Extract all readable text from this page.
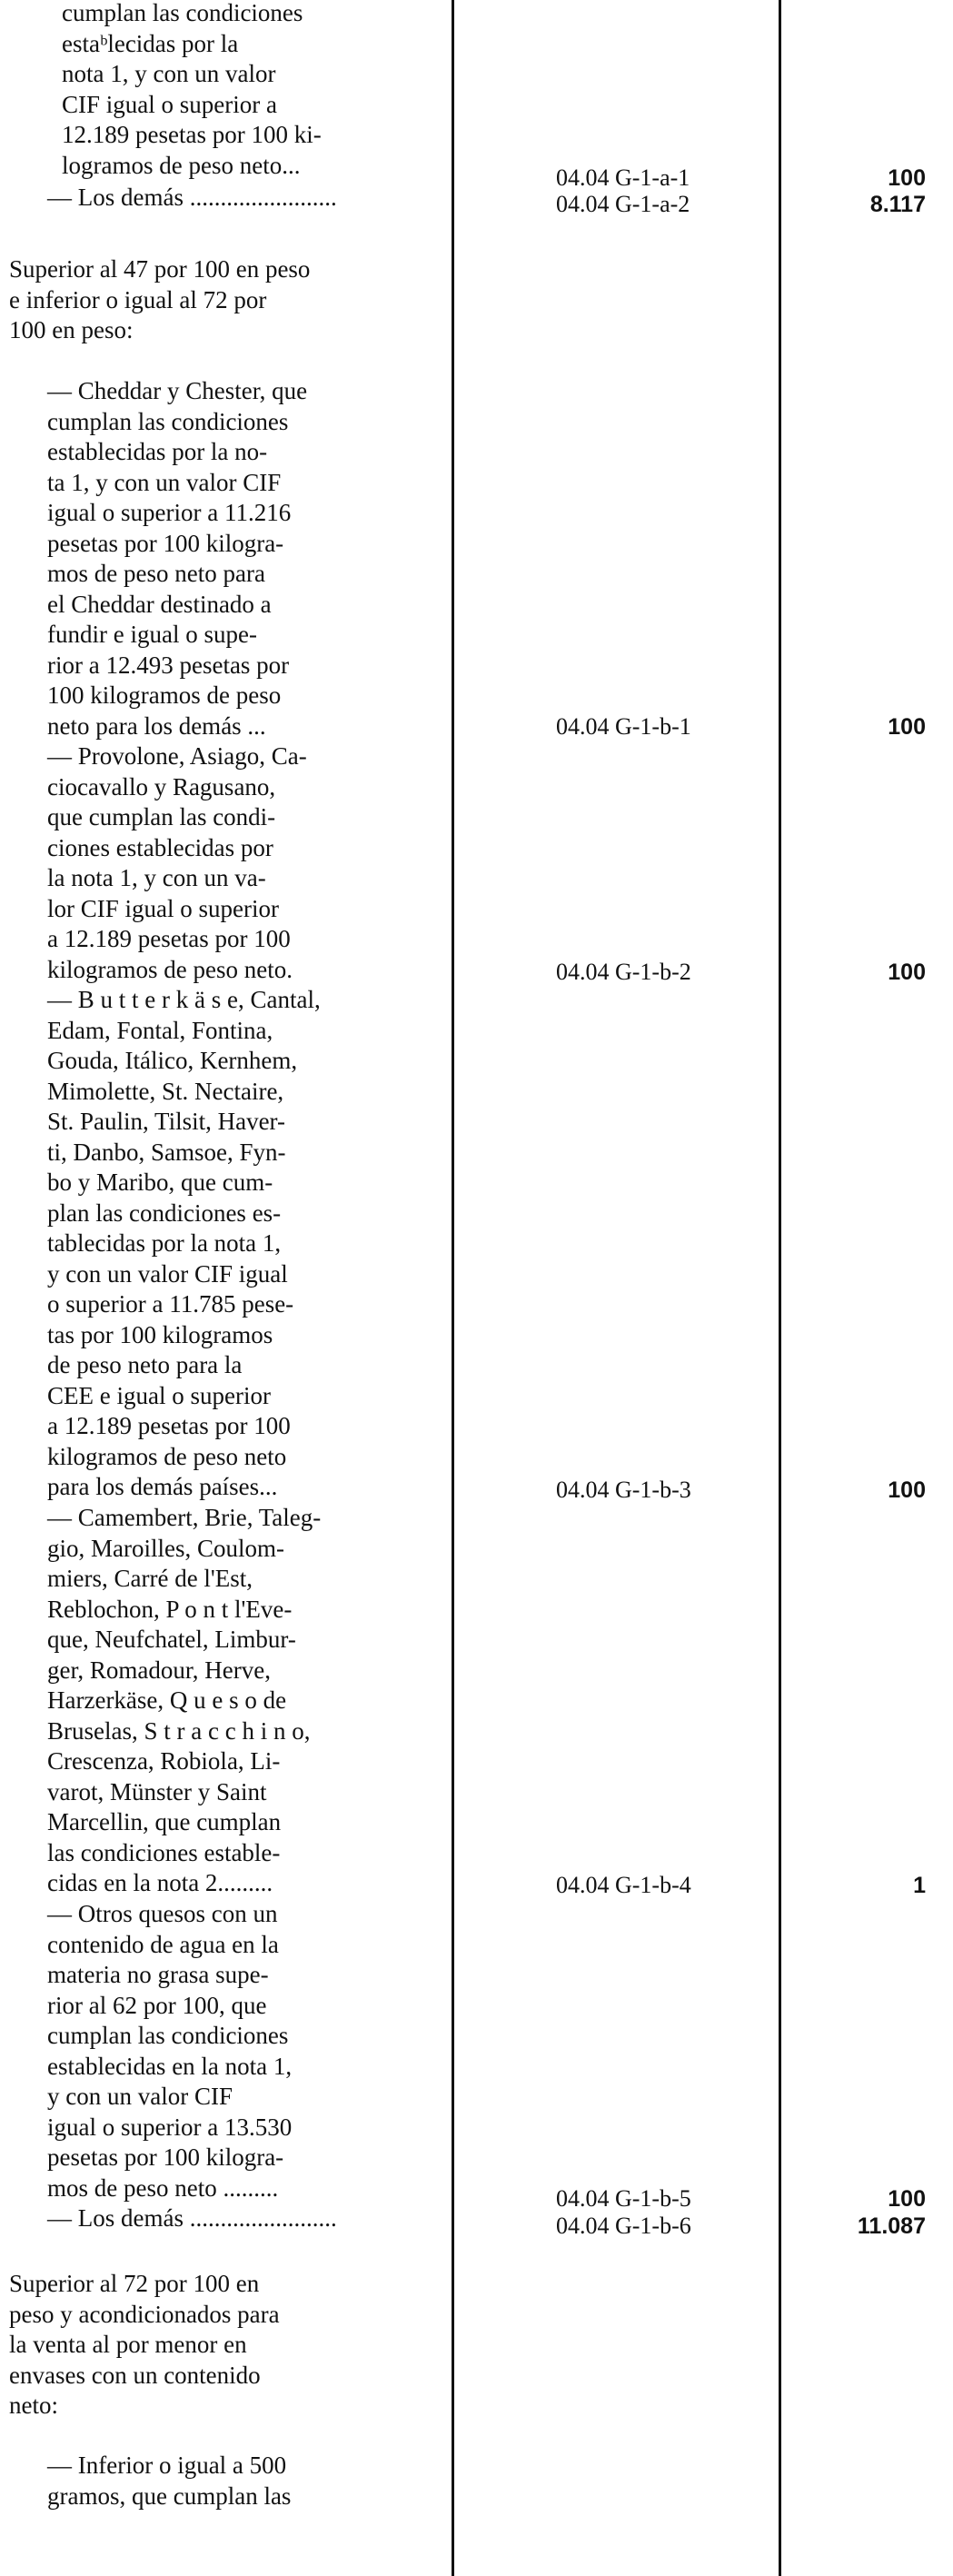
cumplan las condiciones
estaᵇlecidas por la
nota 1, y con un valor
CIF igual o superior a
12.189 pesetas por 100 ki-
logramos de peso neto...

— Los demás ........................

Superior al 47 por 100 en peso
e inferior o igual al 72 por
100 en peso:

— Cheddar y Chester, que
cumplan las condiciones
establecidas por la no-
ta 1, y con un valor CIF
igual o superior a 11.216
pesetas por 100 kilogra-
mos de peso neto para
el Cheddar destinado a
fundir e igual o supe-
rior a 12.493 pesetas por
100 kilogramos de peso
neto para los demás ...

— Provolone, Asiago, Ca-
ciocavallo y Ragusano,
que cumplan las condi-
ciones establecidas por
la nota 1, y con un va-
lor CIF igual o superior
a 12.189 pesetas por 100
kilogramos de peso neto.

— B u t t e r k ä s e, Cantal,
Edam, Fontal, Fontina,
Gouda, Itálico, Kernhem,
Mimolette, St. Nectaire,
St. Paulin, Tilsit, Haver-
ti, Danbo, Samsoe, Fyn-
bo y Maribo, que cum-
plan las condiciones es-
tablecidas por la nota 1,
y con un valor CIF igual
o superior a 11.785 pese-
tas por 100 kilogramos
de peso neto para la
CEE e igual o superior
a 12.189 pesetas por 100
kilogramos de peso neto
para los demás países...

— Camembert, Brie, Taleg-
gio, Maroilles, Coulom-
miers, Carré de l'Est,
Reblochon, P o n t l'Eve-
que, Neufchatel, Limbur-
ger, Romadour, Herve,
Harzerkäse, Q u e s o de
Bruselas, S t r a c c h i n o,
Crescenza, Robiola, Li-
varot, Münster y Saint
Marcellin, que cumplan
las condiciones estable-
cidas en la nota 2.........

— Otros quesos con un
contenido de agua en la
materia no grasa supe-
rior al 62 por 100, que
cumplan las condiciones
establecidas en la nota 1,
y con un valor CIF
igual o superior a 13.530
pesetas por 100 kilogra-
mos de peso neto .........

— Los demás ........................

Superior al 72 por 100 en
peso y acondicionados para
la venta al por menor en
envases con un contenido
neto:

— Inferior o igual a 500
gramos, que cumplan las

04.04 G-1-a-1
04.04 G-1-a-2
04.04 G-1-b-1
04.04 G-1-b-2
04.04 G-1-b-3
04.04 G-1-b-4
04.04 G-1-b-5
04.04 G-1-b-6
100
8.117
100
100
100
1
100
11.087
